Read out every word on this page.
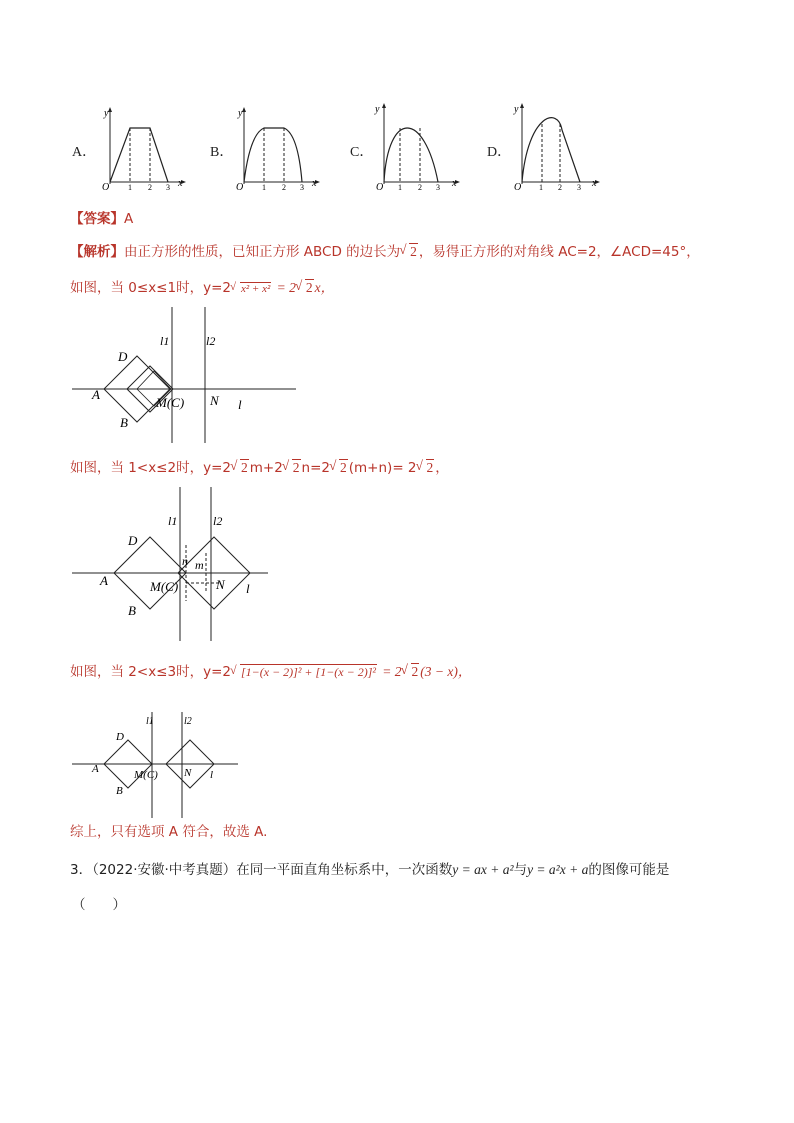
A．	B．	C．	D．
y
x
O 1 2 3
y
x
O 1 2 3
y
x
O 1 2 3
y
x
O 1 2 3
【答案】A
【解析】由正方形的性质，已知正方形 ABCD 的边长为 √ 2 ，易得正方形的对角线 AC=2，∠ACD=45°，
如图，当 0≤x≤1时，y=2 √ x² + x² = 2 √ 2 x，
D
A
B
M(C) N l
l1	l2
如图，当 1<x≤2时，y=2 √ 2 m+2 √ 2 n=2 √ 2 (m+n)= 2 √ 2 ，
D
A
B
M(C)	N l
l1	l2
n m
如图，当 2<x≤3时，y=2 √ [1−(x − 2)]² + [1−(x − 2)]² = 2 √ 2 (3 − x)，
D
A
B
M(C) N l
l1	l2
综上，只有选项 A 符合，故选 A.
3．（2022·安徽·中考真题）在同一平面直角坐标系中，一次函数y = ax + a²与y = a²x + a的图像可能是
（　　）
